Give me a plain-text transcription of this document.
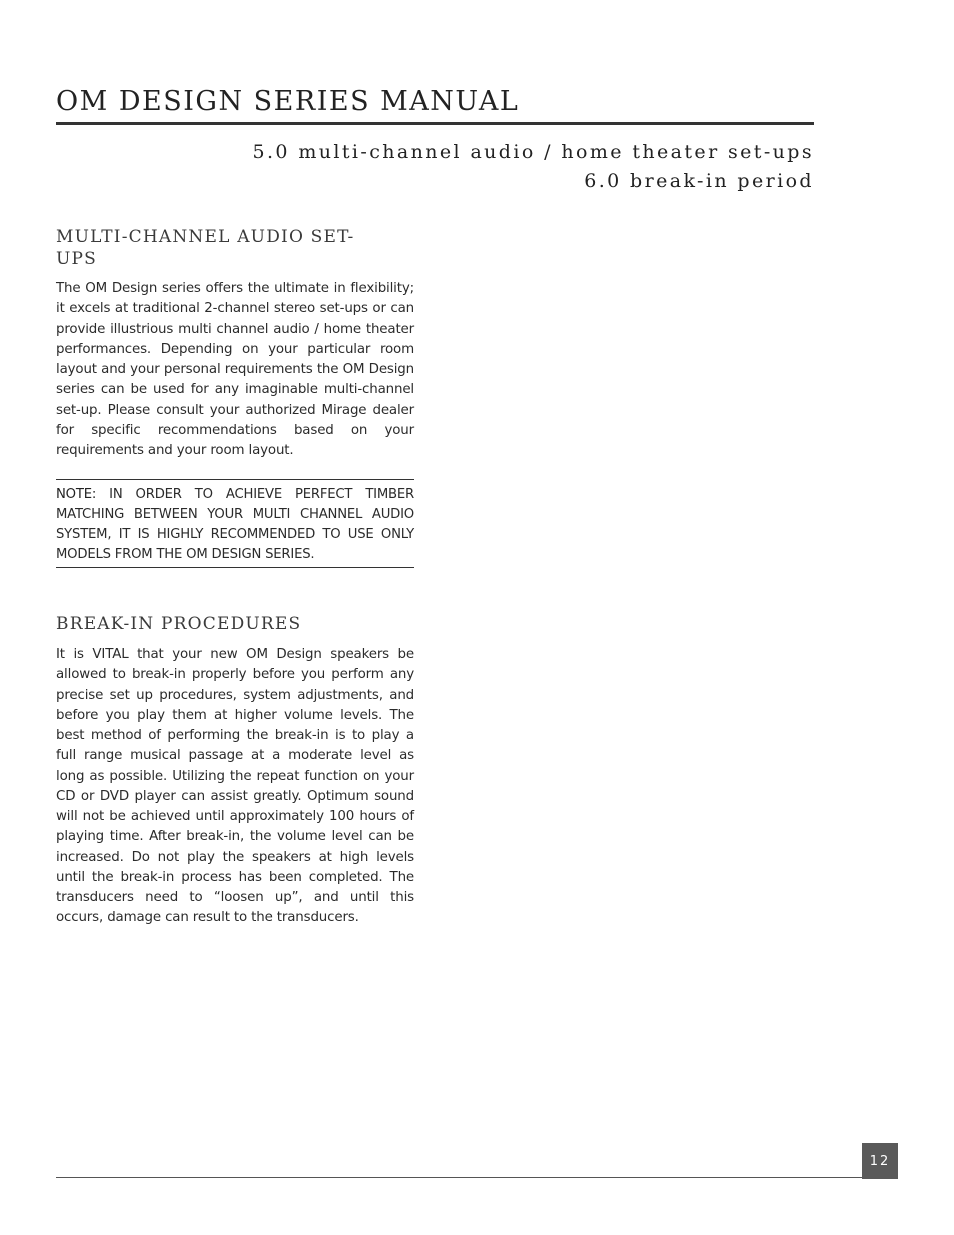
OM DESIGN SERIES MANUAL
5.0 multi-channel audio / home theater set-ups
6.0 break-in period
MULTI-CHANNEL AUDIO SET-UPS

The OM Design series offers the ultimate in flexibility; it excels at traditional 2-channel stereo set-ups or can provide illustrious multi channel audio / home theater performances. Depending on your particular room layout and your personal requirements the OM Design series can be used for any imaginable multi-channel set-up. Please consult your authorized Mirage dealer for specific recommendations based on your requirements and your room layout.

NOTE: IN ORDER TO ACHIEVE PERFECT TIMBER MATCHING BETWEEN YOUR MULTI CHANNEL AUDIO SYSTEM, IT IS HIGHLY RECOMMENDED TO USE ONLY MODELS FROM THE OM DESIGN SERIES.

BREAK-IN PROCEDURES

It is VITAL that your new OM Design speakers be allowed to break-in properly before you perform any precise set up procedures, system adjustments, and before you play them at higher volume levels. The best method of performing the break-in is to play a full range musical passage at a moderate level as long as possible. Utilizing the repeat function on your CD or DVD player can assist greatly. Optimum sound will not be achieved until approximately 100 hours of playing time. After break-in, the volume level can be increased. Do not play the speakers at high levels until the break-in process has been completed. The transducers need to “loosen up”, and until this occurs, damage can result to the transducers.

12
